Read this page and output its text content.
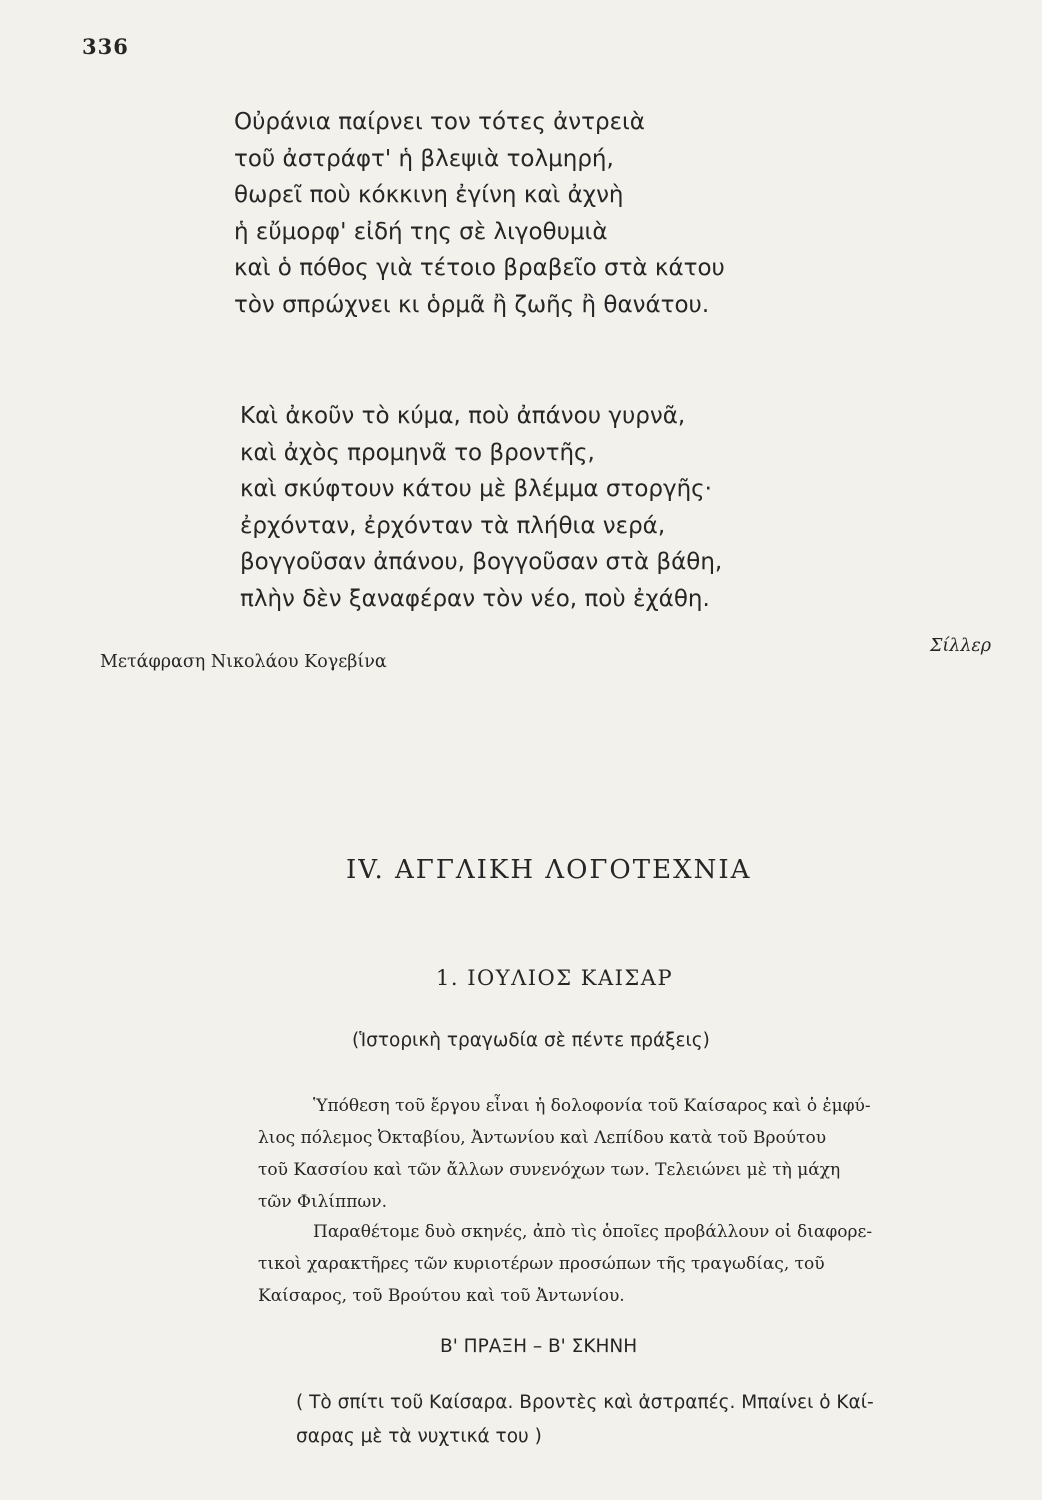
336
Οὐράνια παίρνει τον τότες ἀντρειὰ
τοῦ ἀστράφτ' ἡ βλεψιὰ τολμηρή,
θωρεῖ ποὺ κόκκινη ἐγίνη καὶ ἀχνὴ
ἡ εὔμορφ' εἰδή της σὲ λιγοθυμιὰ
καὶ ὁ πόθος γιὰ τέτοιο βραβεῖο στὰ κάτου
τὸν σπρώχνει κι ὁρμᾶ ἢ ζωῆς ἢ θανάτου.
Καὶ ἀκοῦν τὸ κύμα, ποὺ ἀπάνου γυρνᾶ,
καὶ ἀχὸς προμηνᾶ το βροντῆς,
καὶ σκύφτουν κάτου μὲ βλέμμα στοργῆς·
ἐρχόνταν, ἐρχόνταν τὰ πλήθια νερά,
βογγοῦσαν ἀπάνου, βογγοῦσαν στὰ βάθη,
πλὴν δὲν ξαναφέραν τὸν νέο, ποὺ ἐχάθη.
Μετάφραση Νικολάου Κογεβίνα
Σίλλερ
IV. ΑΓΓΛΙΚΗ ΛΟΓΟΤΕΧΝΙΑ
1. ΙΟΥΛΙΟΣ ΚΑΙΣΑΡ
(Ἱστορικὴ τραγωδία σὲ πέντε πράξεις)
Ὑπόθεση τοῦ ἔργου εἶναι ἡ δολοφονία τοῦ Καίσαρος καὶ ὁ ἐμφύ-
λιος πόλεμος Ὀκταβίου, Ἀντωνίου καὶ Λεπίδου κατὰ τοῦ Βρούτου
τοῦ Κασσίου καὶ τῶν ἄλλων συνενόχων των. Τελειώνει μὲ τὴ μάχη
τῶν Φιλίππων.
Παραθέτομε δυὸ σκηνές, ἀπὸ τὶς ὁποῖες προβάλλουν οἱ διαφορε-
τικοὶ χαρακτῆρες τῶν κυριοτέρων προσώπων τῆς τραγωδίας, τοῦ
Καίσαρος, τοῦ Βρούτου καὶ τοῦ Ἀντωνίου.
Β' ΠΡΑΞΗ – Β' ΣΚΗΝΗ
( Τὸ σπίτι τοῦ Καίσαρα. Βροντὲς καὶ ἀστραπές. Μπαίνει ὁ Καί-
σαρας μὲ τὰ νυχτικά του )
